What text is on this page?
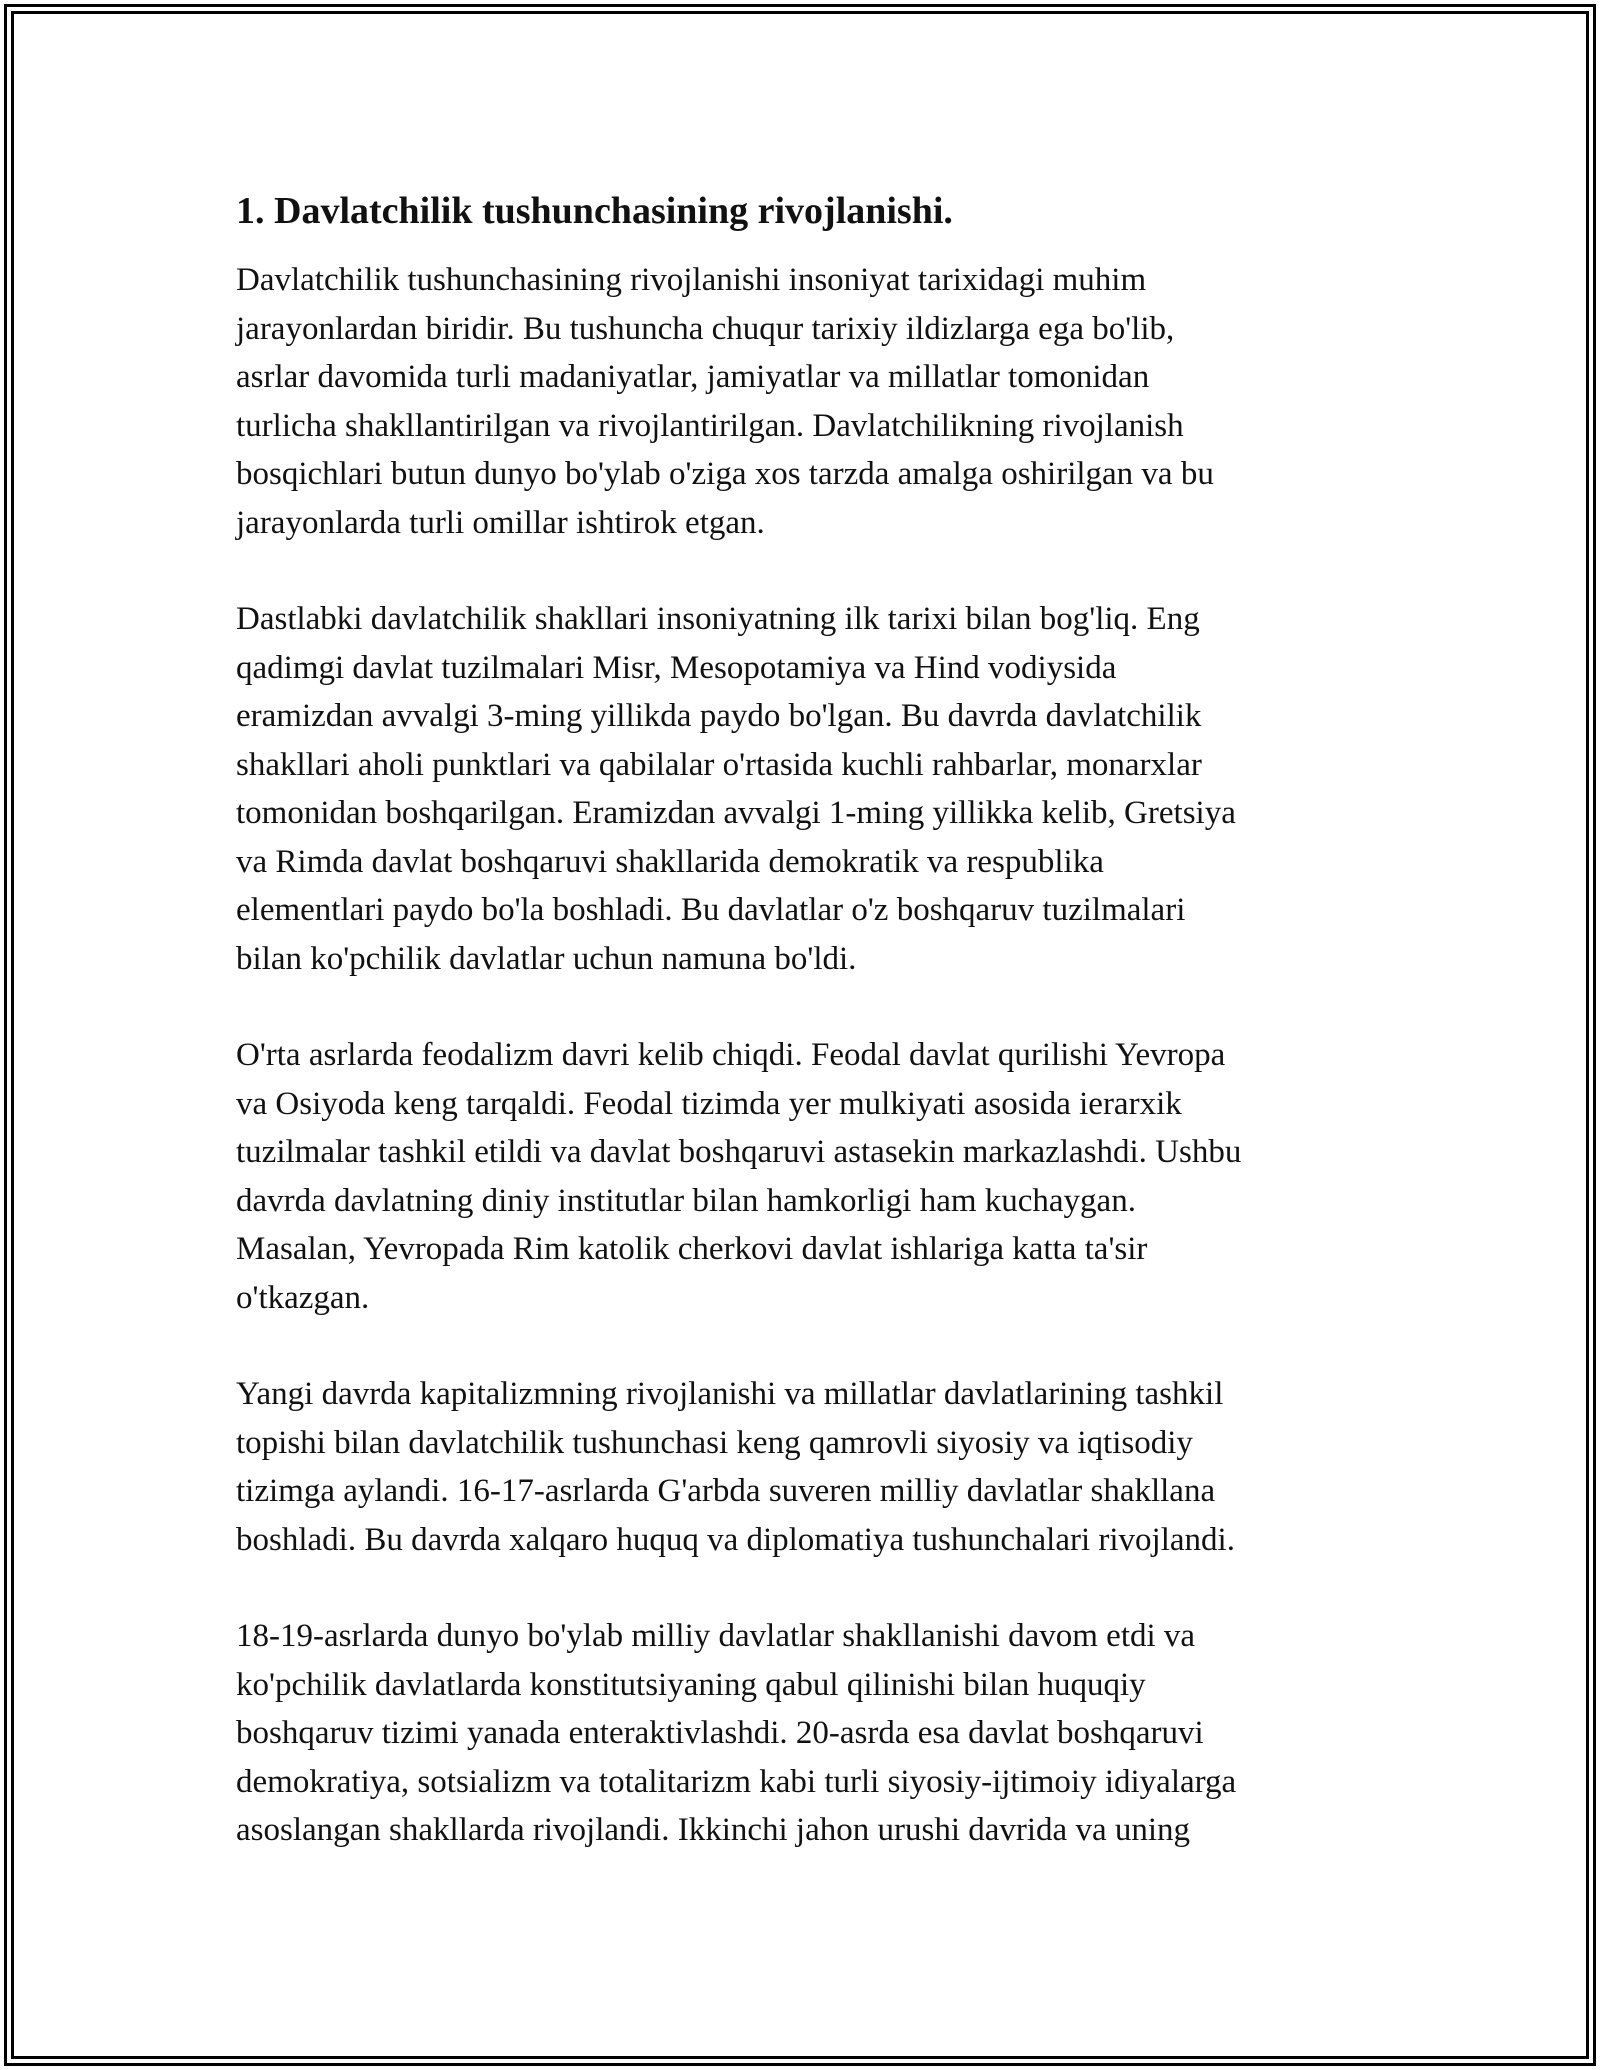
1. Davlatchilik tushunchasining rivojlanishi.
Davlatchilik tushunchasining rivojlanishi insoniyat tarixidagi muhim
jarayonlardan biridir. Bu tushuncha chuqur tarixiy ildizlarga ega bo'lib,
asrlar davomida turli madaniyatlar, jamiyatlar va millatlar tomonidan
turlicha shakllantirilgan va rivojlantirilgan. Davlatchilikning rivojlanish
bosqichlari butun dunyo bo'ylab o'ziga xos tarzda amalga oshirilgan va bu
jarayonlarda turli omillar ishtirok etgan.
Dastlabki davlatchilik shakllari insoniyatning ilk tarixi bilan bog'liq. Eng
qadimgi davlat tuzilmalari Misr, Mesopotamiya va Hind vodiysida
eramizdan avvalgi 3-ming yillikda paydo bo'lgan. Bu davrda davlatchilik
shakllari aholi punktlari va qabilalar o'rtasida kuchli rahbarlar, monarxlar
tomonidan boshqarilgan. Eramizdan avvalgi 1-ming yillikka kelib, Gretsiya
va Rimda davlat boshqaruvi shakllarida demokratik va respublika
elementlari paydo bo'la boshladi. Bu davlatlar o'z boshqaruv tuzilmalari
bilan ko'pchilik davlatlar uchun namuna bo'ldi.
O'rta asrlarda feodalizm davri kelib chiqdi. Feodal davlat qurilishi Yevropa
va Osiyoda keng tarqaldi. Feodal tizimda yer mulkiyati asosida ierarxik
tuzilmalar tashkil etildi va davlat boshqaruvi astasekin markazlashdi. Ushbu
davrda davlatning diniy institutlar bilan hamkorligi ham kuchaygan.
Masalan, Yevropada Rim katolik cherkovi davlat ishlariga katta ta'sir
o'tkazgan.
Yangi davrda kapitalizmning rivojlanishi va millatlar davlatlarining tashkil
topishi bilan davlatchilik tushunchasi keng qamrovli siyosiy va iqtisodiy
tizimga aylandi. 16-17-asrlarda G'arbda suveren milliy davlatlar shakllana
boshladi. Bu davrda xalqaro huquq va diplomatiya tushunchalari rivojlandi.
18-19-asrlarda dunyo bo'ylab milliy davlatlar shakllanishi davom etdi va
ko'pchilik davlatlarda konstitutsiyaning qabul qilinishi bilan huquqiy
boshqaruv tizimi yanada enteraktivlashdi. 20-asrda esa davlat boshqaruvi
demokratiya, sotsializm va totalitarizm kabi turli siyosiy-ijtimoiy idiyalarga
asoslangan shakllarda rivojlandi. Ikkinchi jahon urushi davrida va uning
